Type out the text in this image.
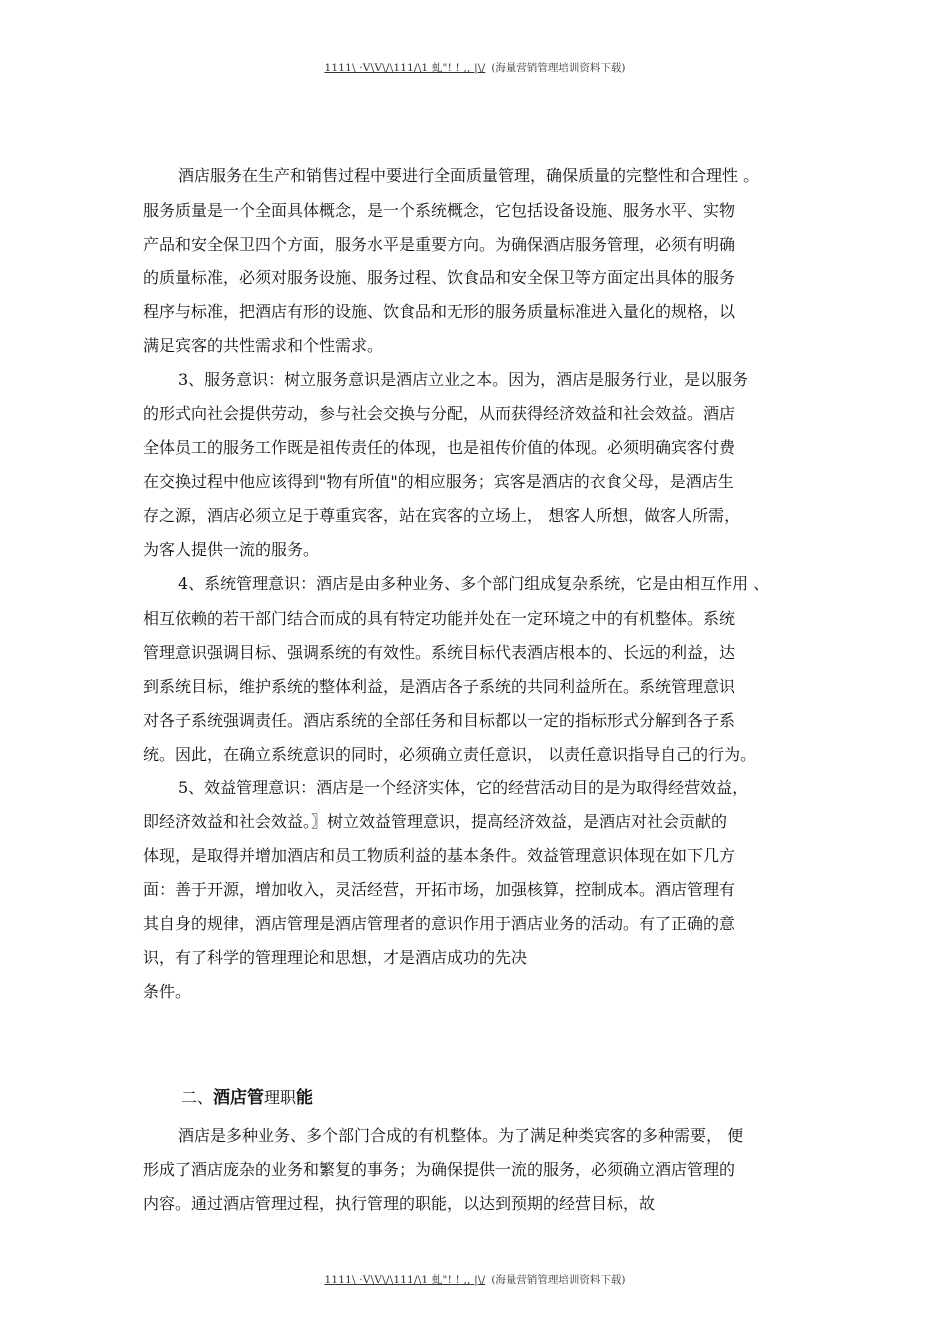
1111\ ·V\V\/\111/\1 虬"! ! ,, |\/ (海量营销管理培训资料下载)
酒店服务在生产和销售过程中要进行全面质量管理，确保质量的完整性和合理性 。
服务质量是一个全面具体概念，是一个系统概念，它包括设备设施、服务水平、实物
产品和安全保卫四个方面，服务水平是重要方向。为确保酒店服务管理，必须有明确
的质量标准，必须对服务设施、服务过程、饮食品和安全保卫等方面定出具体的服务
程序与标准，把酒店有形的设施、饮食品和无形的服务质量标准进入量化的规格，以
满足宾客的共性需求和个性需求。
3、服务意识：树立服务意识是酒店立业之本。因为，酒店是服务行业，是以服务
的形式向社会提供劳动，参与社会交换与分配，从而获得经济效益和社会效益。酒店
全体员工的服务工作既是祖传责任的体现，也是祖传价值的体现。必须明确宾客付费
在交换过程中他应该得到"物有所值"的相应服务；宾客是酒店的衣食父母，是酒店生
存之源，酒店必须立足于尊重宾客，站在宾客的立场上， 想客人所想，做客人所需，
为客人提供一流的服务。
4、系统管理意识：酒店是由多种业务、多个部门组成复杂系统，它是由相互作用 、
相互依赖的若干部门结合而成的具有特定功能并处在一定环境之中的有机整体。系统
管理意识强调目标、强调系统的有效性。系统目标代表酒店根本的、长远的利益，达
到系统目标，维护系统的整体利益，是酒店各子系统的共同利益所在。系统管理意识
对各子系统强调责任。酒店系统的全部任务和目标都以一定的指标形式分解到各子系
统。因此，在确立系统意识的同时，必须确立责任意识， 以责任意识指导自己的行为。
5、效益管理意识：酒店是一个经济实体，它的经营活动目的是为取得经营效益，
即经济效益和社会效益。〗树立效益管理意识，提高经济效益，是酒店对社会贡献的
体现，是取得并增加酒店和员工物质利益的基本条件。效益管理意识体现在如下几方
面：善于开源，增加收入，灵活经营，开拓市场，加强核算，控制成本。酒店管理有
其自身的规律，酒店管理是酒店管理者的意识作用于酒店业务的活动。有了正确的意
识，有了科学的管理理论和思想，才是酒店成功的先决
条件。
酒店是多种业务、多个部门合成的有机整体。为了满足种类宾客的多种需要， 便
形成了酒店庞杂的业务和繁复的事务；为确保提供一流的服务，必须确立酒店管理的
内容。通过酒店管理过程，执行管理的职能，以达到预期的经营目标，故
二、酒店管理职能
1111\ ·V\V\/\111/\1 虬"! ! ,, |\/ (海量营销管理培训资料下载)
